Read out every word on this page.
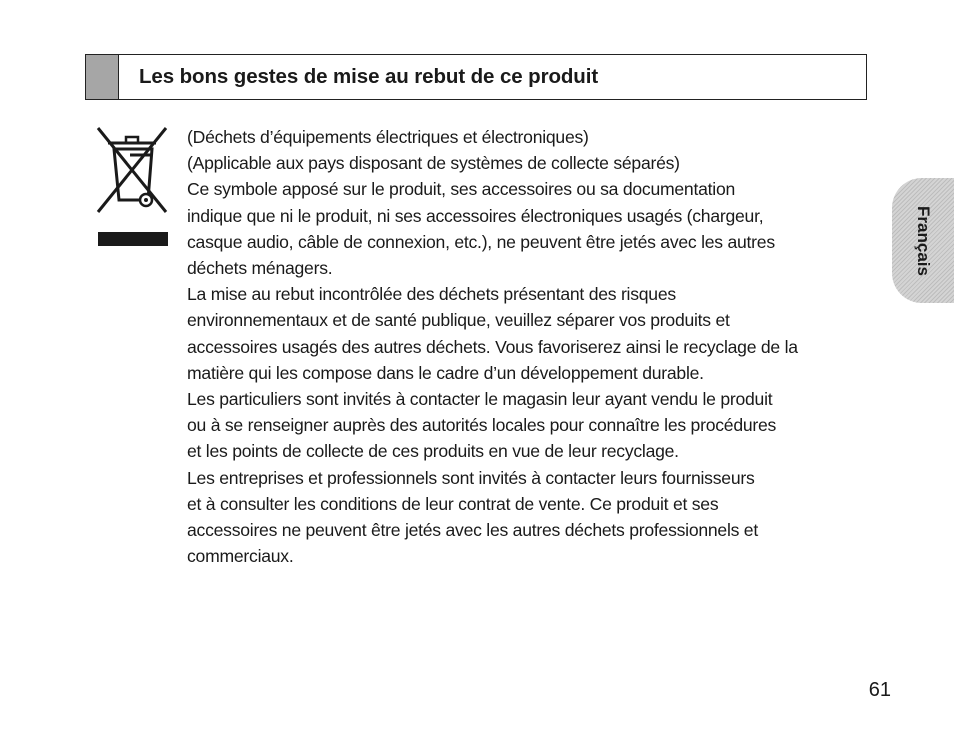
Les bons gestes de mise au rebut de ce produit
(Déchets d’équipements électriques et électroniques)
(Applicable aux pays disposant de systèmes de collecte séparés)
Ce symbole apposé sur le produit, ses accessoires ou sa documentation
indique que ni le produit, ni ses accessoires électroniques usagés (chargeur,
casque audio, câble de connexion, etc.), ne peuvent être jetés avec les autres
déchets ménagers.
La mise au rebut incontrôlée des déchets présentant des risques
environnementaux et de santé publique, veuillez séparer vos produits et
accessoires usagés des autres déchets. Vous favoriserez ainsi le recyclage de la
matière qui les compose dans le cadre d’un développement durable.
Les particuliers sont invités à contacter le magasin leur ayant vendu le produit
ou à se renseigner auprès des autorités locales pour connaître les procédures
et les points de collecte de ces produits en vue de leur recyclage.
Les entreprises et professionnels sont invités à contacter leurs fournisseurs
et à consulter les conditions de leur contrat de vente. Ce produit et ses
accessoires ne peuvent être jetés avec les autres déchets professionnels et
commerciaux.
Français
61
